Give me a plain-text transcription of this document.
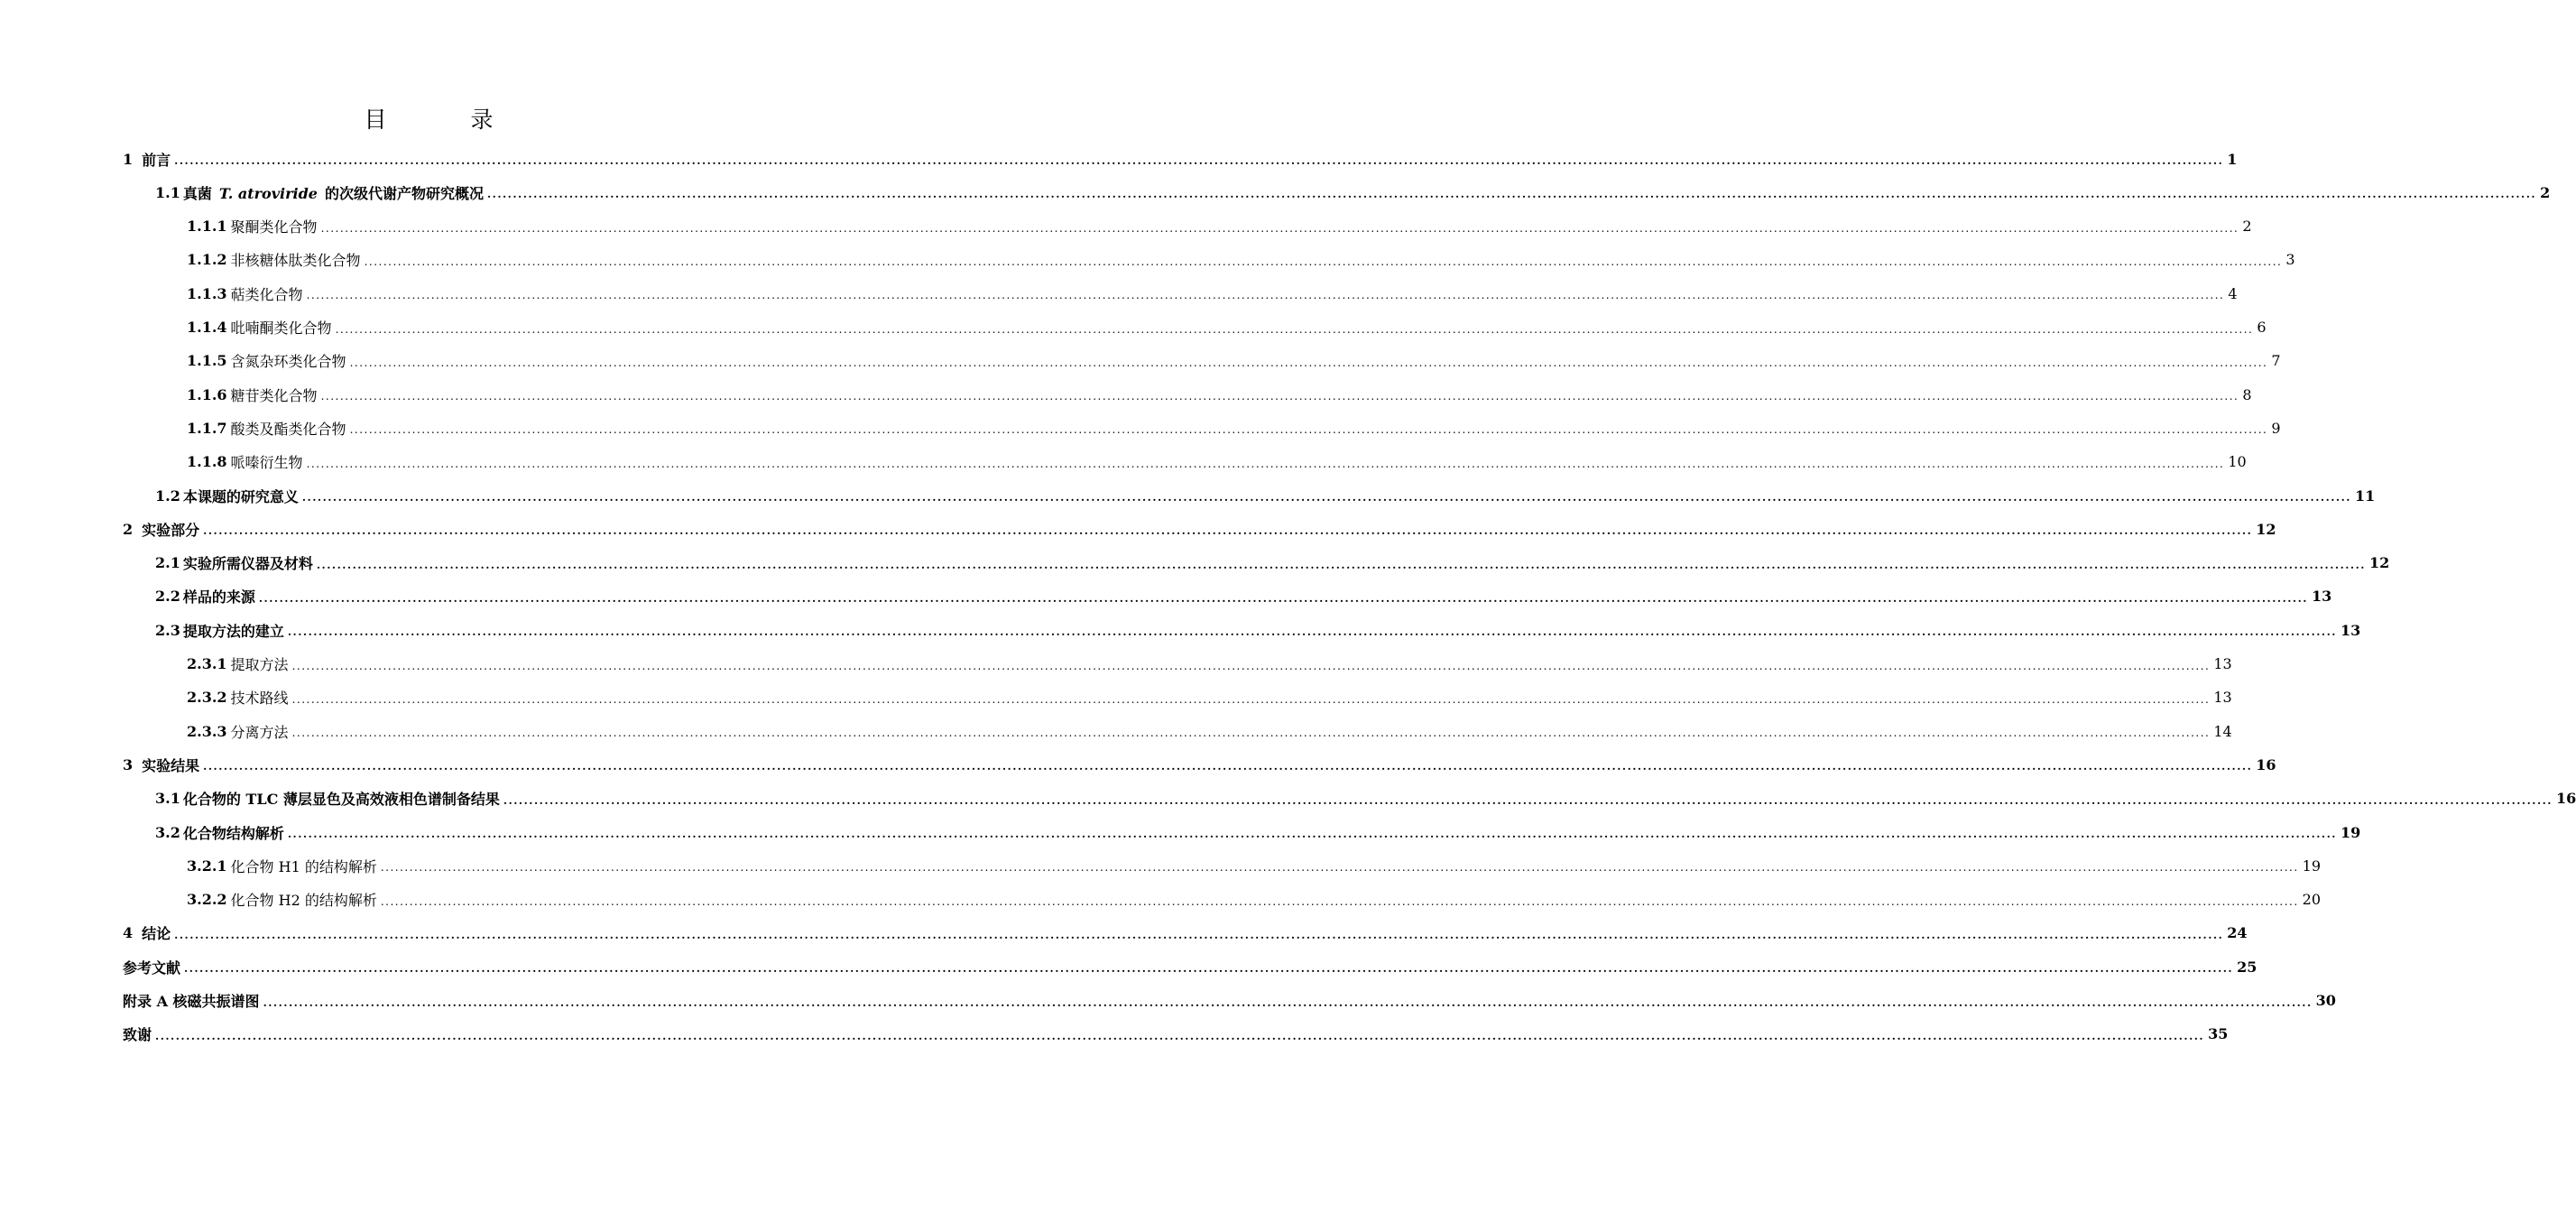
目　录
1 前言 ................................................................................................................................................................................................................................................................................................................................................................................................................ 1
1.1 真菌  T. atroviride  的次级代谢产物研究概况 ................................................................................................................................................................................................................................................................................................................................................................................................................ 2
1.1.1 聚酮类化合物 ................................................................................................................................................................................................................................................................................................................................................................................................................ 2
1.1.2 非核糖体肽类化合物 ................................................................................................................................................................................................................................................................................................................................................................................................................ 3
1.1.3 萜类化合物 ................................................................................................................................................................................................................................................................................................................................................................................................................ 4
1.1.4 吡喃酮类化合物 ................................................................................................................................................................................................................................................................................................................................................................................................................ 6
1.1.5 含氮杂环类化合物 ................................................................................................................................................................................................................................................................................................................................................................................................................ 7
1.1.6 糖苷类化合物 ................................................................................................................................................................................................................................................................................................................................................................................................................ 8
1.1.7 酸类及酯类化合物 ................................................................................................................................................................................................................................................................................................................................................................................................................ 9
1.1.8 哌嗪衍生物 ................................................................................................................................................................................................................................................................................................................................................................................................................ 10
1.2 本课题的研究意义 ................................................................................................................................................................................................................................................................................................................................................................................................................ 11
2 实验部分 ................................................................................................................................................................................................................................................................................................................................................................................................................ 12
2.1 实验所需仪器及材料 ................................................................................................................................................................................................................................................................................................................................................................................................................ 12
2.2 样品的来源 ................................................................................................................................................................................................................................................................................................................................................................................................................ 13
2.3 提取方法的建立 ................................................................................................................................................................................................................................................................................................................................................................................................................ 13
2.3.1 提取方法 ................................................................................................................................................................................................................................................................................................................................................................................................................ 13
2.3.2 技术路线 ................................................................................................................................................................................................................................................................................................................................................................................................................ 13
2.3.3 分离方法 ................................................................................................................................................................................................................................................................................................................................................................................................................ 14
3 实验结果 ................................................................................................................................................................................................................................................................................................................................................................................................................ 16
3.1 化合物的 TLC 薄层显色及高效液相色谱制备结果 ................................................................................................................................................................................................................................................................................................................................................................................................................ 16
3.2 化合物结构解析 ................................................................................................................................................................................................................................................................................................................................................................................................................ 19
3.2.1 化合物 H1 的结构解析 ................................................................................................................................................................................................................................................................................................................................................................................................................ 19
3.2.2 化合物 H2 的结构解析 ................................................................................................................................................................................................................................................................................................................................................................................................................ 20
4 结论 ................................................................................................................................................................................................................................................................................................................................................................................................................ 24
参考文献 ................................................................................................................................................................................................................................................................................................................................................................................................................ 25
附录 A 核磁共振谱图 ................................................................................................................................................................................................................................................................................................................................................................................................................ 30
致谢 ................................................................................................................................................................................................................................................................................................................................................................................................................ 35
